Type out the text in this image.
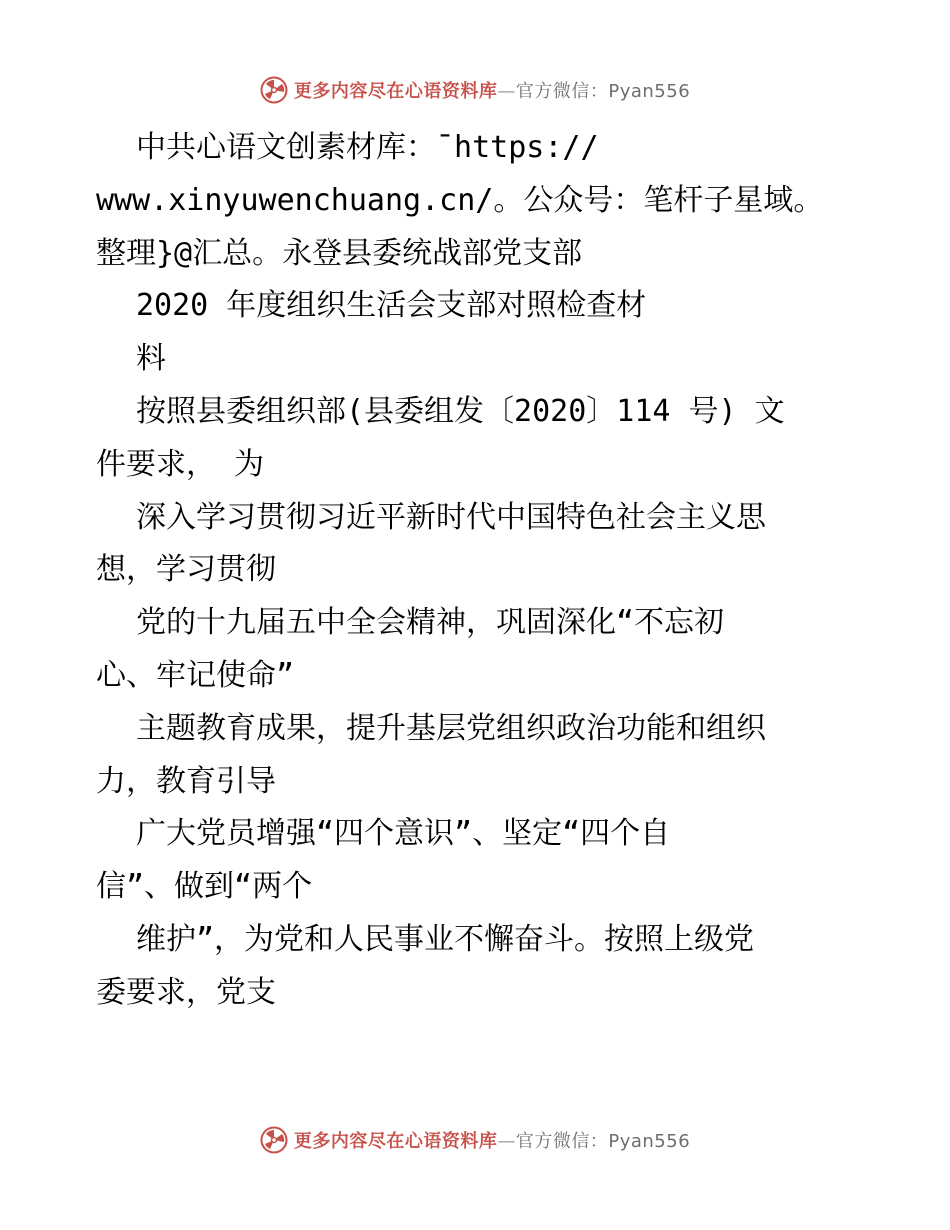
更多内容尽在心语资料库—官方微信：Pyan556
中共心语文创素材库：¯https://
www.xinyuwenchuang.cn/。公众号：笔杆子星域。
整理}@汇总。永登县委统战部党支部
2020 年度组织生活会支部对照检查材
料
按照县委组织部(县委组发〔2020〕114 号) 文
件要求， 为
深入学习贯彻习近平新时代中国特色社会主义思
想，学习贯彻
党的十九届五中全会精神，巩固深化“不忘初
心、牢记使命”
主题教育成果，提升基层党组织政治功能和组织
力，教育引导
广大党员增强“四个意识”、坚定“四个自
信”、做到“两个
维护”，为党和人民事业不懈奋斗。按照上级党
委要求，党支
更多内容尽在心语资料库—官方微信：Pyan556
